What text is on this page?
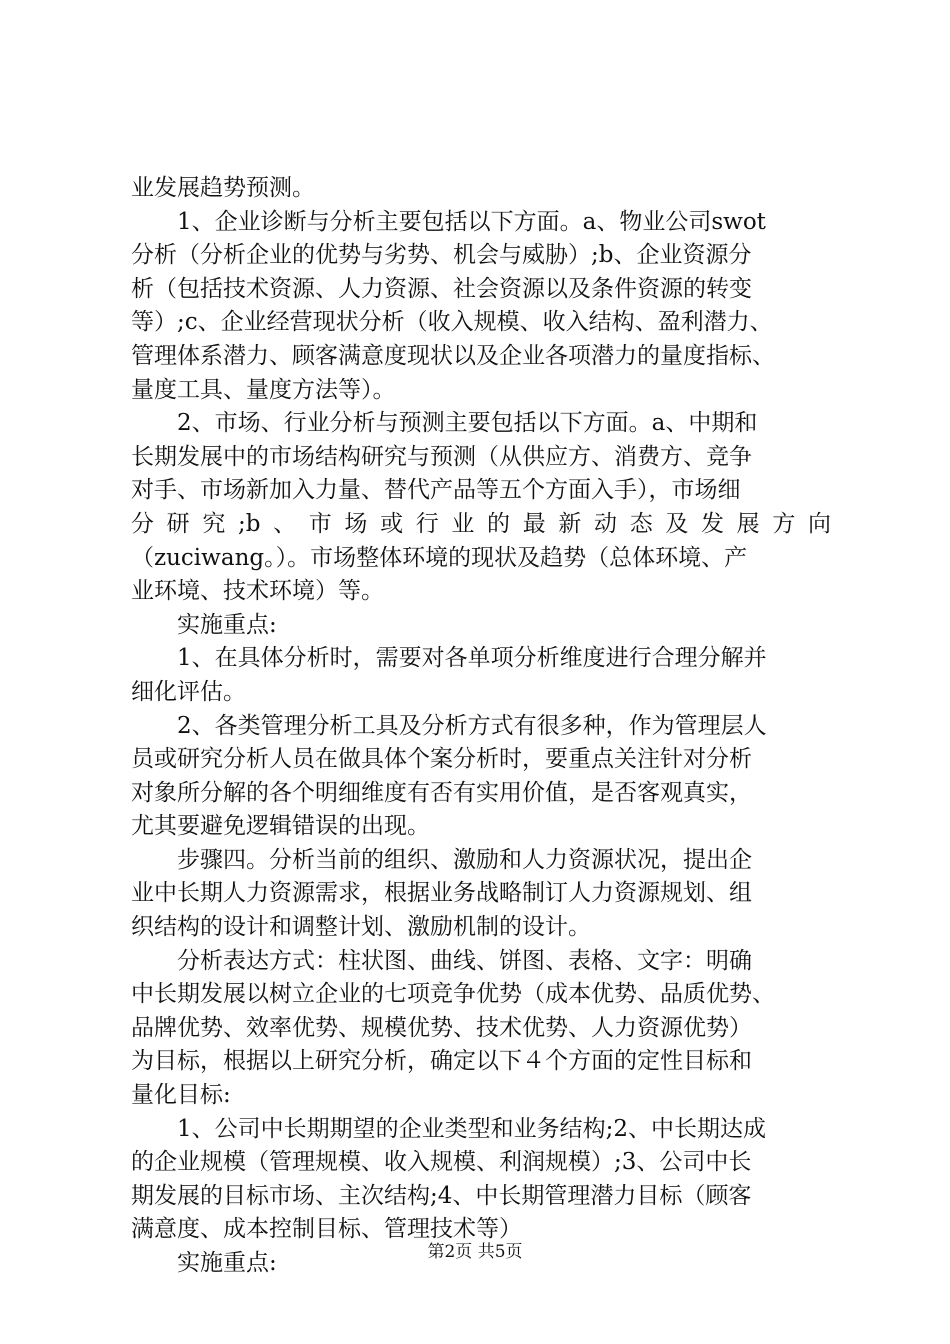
业发展趋势预测。
1、企业诊断与分析主要包括以下方面。a、物业公司swot
分析（分析企业的优势与劣势、机会与威胁）;b、企业资源分
析（包括技术资源、人力资源、社会资源以及条件资源的转变
等）;c、企业经营现状分析（收入规模、收入结构、盈利潜力、
管理体系潜力、顾客满意度现状以及企业各项潜力的量度指标、
量度工具、量度方法等）。
2、市场、行业分析与预测主要包括以下方面。a、中期和
长期发展中的市场结构研究与预测（从供应方、消费方、竞争
对手、市场新加入力量、替代产品等五个方面入手），市场细
分研究;b、市场或行业的最新动态及发展方向
（zuciwang。）。市场整体环境的现状及趋势（总体环境、产
业环境、技术环境）等。
实施重点:
1、在具体分析时，需要对各单项分析维度进行合理分解并
细化评估。
2、各类管理分析工具及分析方式有很多种，作为管理层人
员或研究分析人员在做具体个案分析时，要重点关注针对分析
对象所分解的各个明细维度有否有实用价值，是否客观真实，
尤其要避免逻辑错误的出现。
步骤四。分析当前的组织、激励和人力资源状况，提出企
业中长期人力资源需求，根据业务战略制订人力资源规划、组
织结构的设计和调整计划、激励机制的设计。
分析表达方式：柱状图、曲线、饼图、表格、文字：明确
中长期发展以树立企业的七项竞争优势（成本优势、品质优势、
品牌优势、效率优势、规模优势、技术优势、人力资源优势）
为目标，根据以上研究分析，确定以下４个方面的定性目标和
量化目标:
1、公司中长期期望的企业类型和业务结构;2、中长期达成
的企业规模（管理规模、收入规模、利润规模）;3、公司中长
期发展的目标市场、主次结构;4、中长期管理潜力目标（顾客
满意度、成本控制目标、管理技术等）
实施重点:	第2页 共5页
